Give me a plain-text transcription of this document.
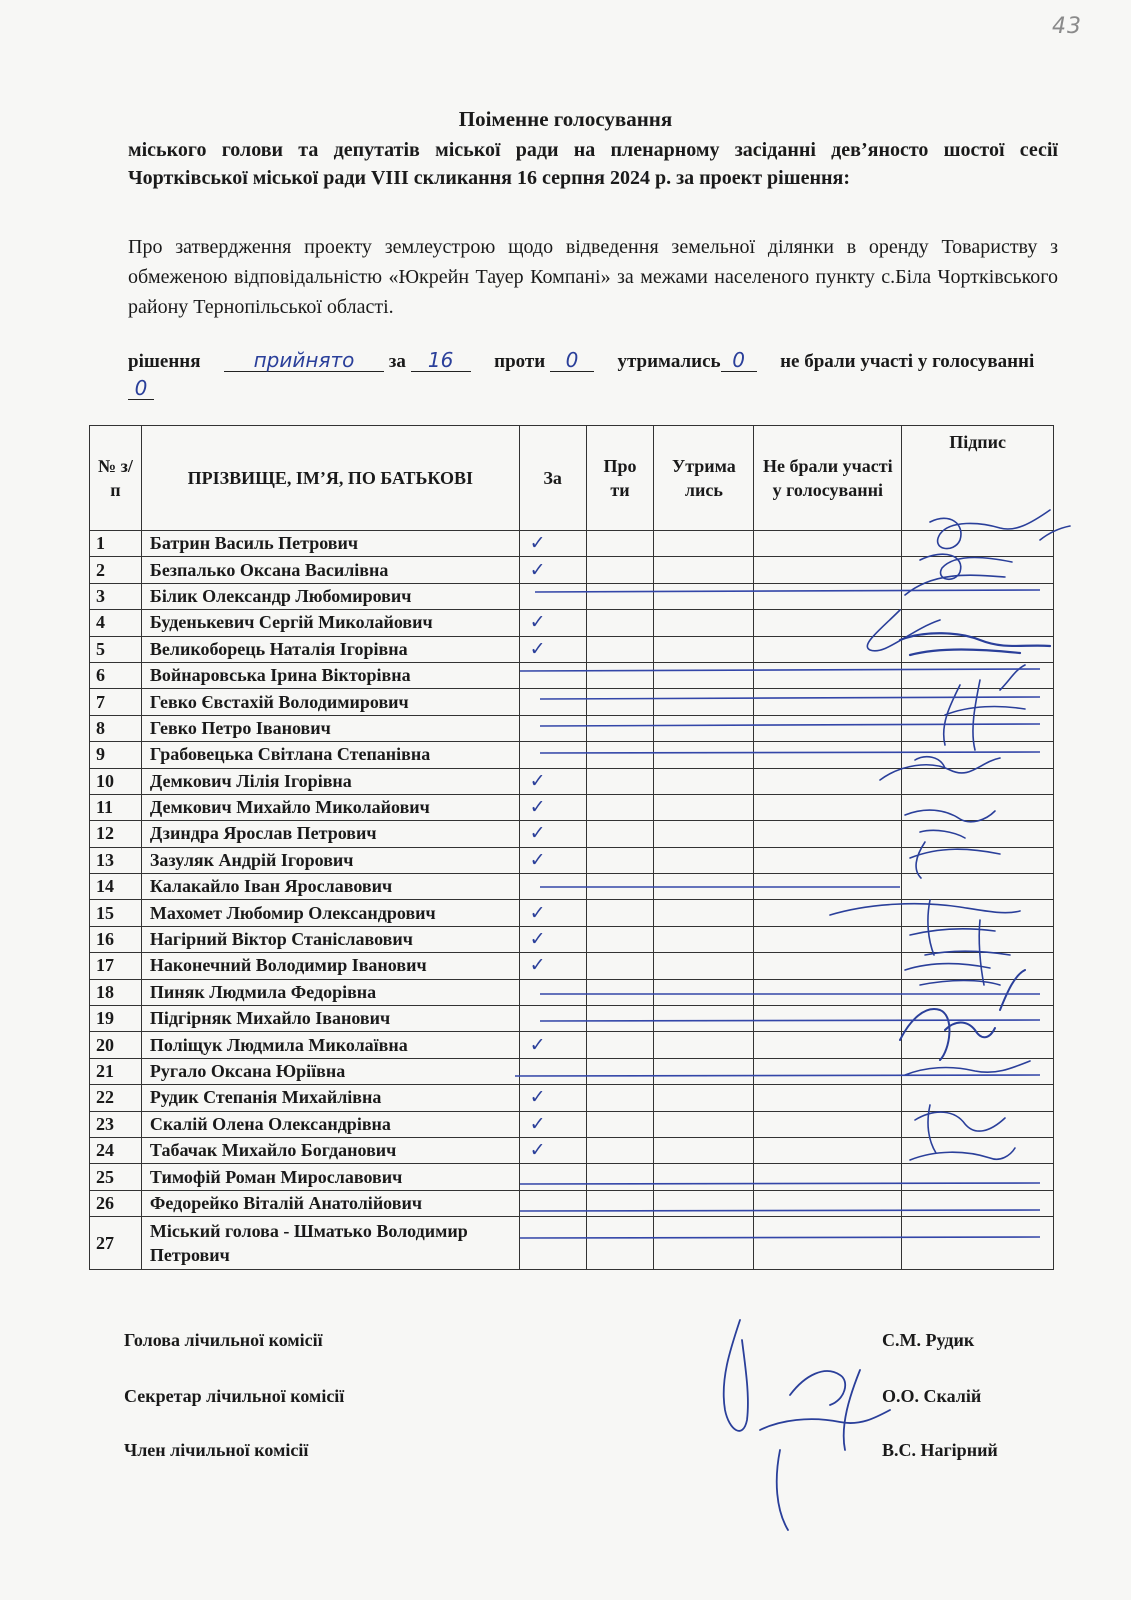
43
Поіменне голосування
міського голови та депутатів міської ради на пленарному засіданні дев’яносто шостої сесії Чортківської міської ради VIII скликання 16 серпня 2024 р. за проект рішення:
Про затвердження проекту землеустрою щодо відведення земельної ділянки в оренду Товариству з обмеженою відповідальністю «Юкрейн Тауер Компані» за межами населеного пункту с.Біла Чортківського району Тернопільської області.
рішення	прийнято за 16 проти 0 утримались 0 не брали участі у голосуванні0
№ з/п	ПРІЗВИЩЕ, ІМ’Я, ПО БАТЬКОВІ	За	Про ти	Утрима лись	Не брали участі у голосуванні	Підпис
1	Батрин Василь Петрович	✓				
2	Безпалько Оксана Василівна	✓				
3	Білик Олександр Любомирович					
4	Буденькевич Сергій Миколайович	✓				
5	Великоборець Наталія Ігорівна	✓				
6	Войнаровська Ірина Вікторівна					
7	Гевко Євстахій Володимирович					
8	Гевко Петро Іванович					
9	Грабовецька Світлана Степанівна					
10	Демкович Лілія Ігорівна	✓				
11	Демкович Михайло Миколайович	✓				
12	Дзиндра Ярослав Петрович	✓				
13	Зазуляк Андрій Ігорович	✓				
14	Калакайло Іван Ярославович					
15	Махомет Любомир Олександрович	✓				
16	Нагірний Віктор Станіславович	✓				
17	Наконечний Володимир Іванович	✓				
18	Пиняк Людмила Федорівна					
19	Підгірняк Михайло Іванович					
20	Поліщук Людмила Миколаївна	✓				
21	Ругало Оксана Юріївна					
22	Рудик Степанія Михайлівна	✓				
23	Скалій Олена Олександрівна	✓				
24	Табачак Михайло Богданович	✓				
25	Тимофій Роман Мирославович					
26	Федорейко Віталій Анатолійович					
27	Міський голова - Шматько Володимир Петрович					
Голова лічильної комісії	С.М. Рудик
Секретар лічильної комісії	О.О. Скалій
Член лічильної комісії	В.С. Нагірний
